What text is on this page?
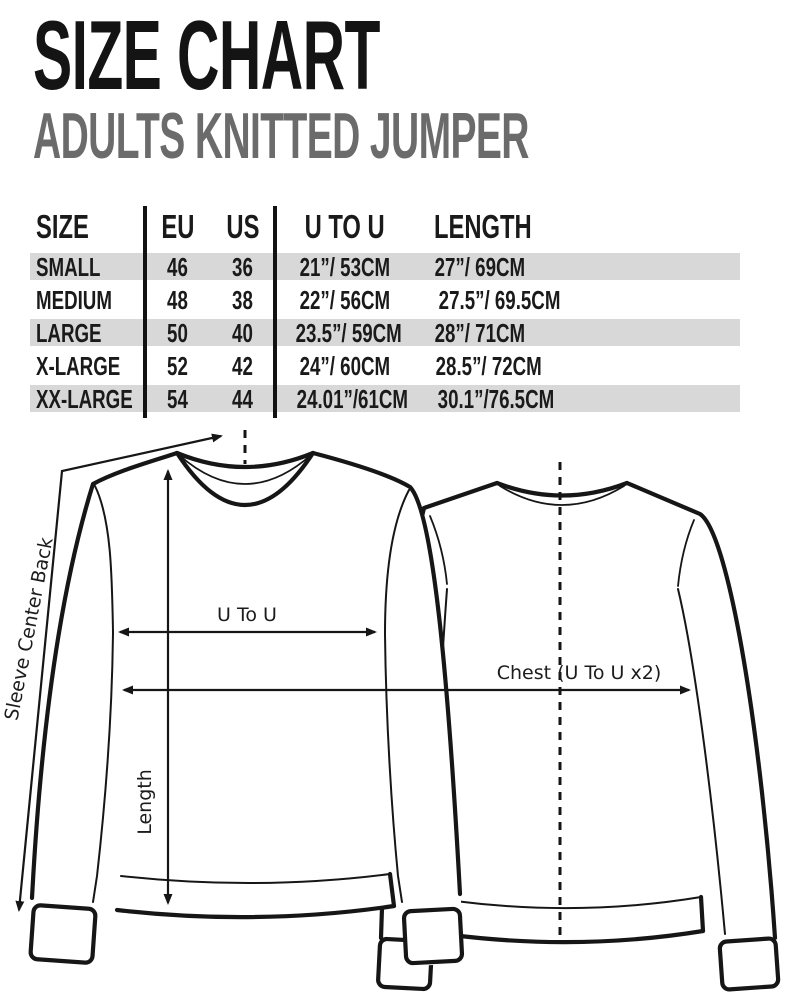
SIZE CHART
ADULTS KNITTED JUMPER
SIZE	EU US	U TO U	LENGTH
SMALL	46	36	21”/ 53CM	27”/ 69CM
MEDIUM	48	38	22”/ 56CM	27.5”/ 69.5CM
LARGE	50	40	23.5”/ 59CM	28”/ 71CM
X-LARGE	52	42	24”/ 60CM	28.5”/ 72CM
XX-LARGE	54	44	24.01”/61CM	30.1”/76.5CM
U To U
Chest (U To U x2)
Length
Sleeve Center Back
